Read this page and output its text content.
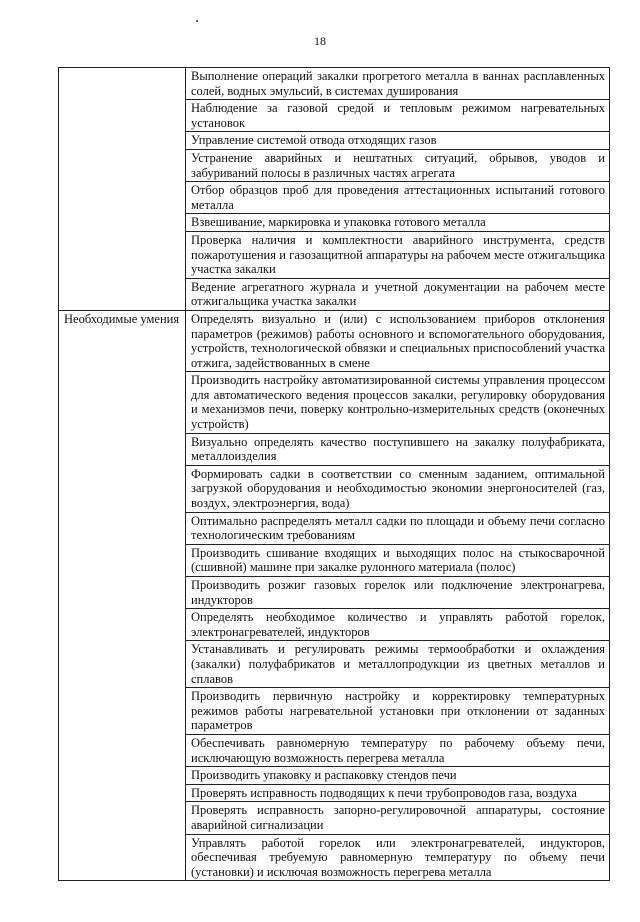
18
	Выполнение операций закалки прогретого металла в ваннах расплавленных солей, водных эмульсий, в системах душирования
	Наблюдение за газовой средой и тепловым режимом нагревательных установок
	Управление системой отвода отходящих газов
	Устранение аварийных и нештатных ситуаций, обрывов, уводов и забуриваний полосы в различных частях агрегата
	Отбор образцов проб для проведения аттестационных испытаний готового металла
	Взвешивание, маркировка и упаковка готового металла
	Проверка наличия и комплектности аварийного инструмента, средств пожаротушения и газозащитной аппаратуры на рабочем месте отжигальщика участка закалки
	Ведение агрегатного журнала и учетной документации на рабочем месте отжигальщика участка закалки
Необходимые умения	Определять визуально и (или) с использованием приборов отклонения параметров (режимов) работы основного и вспомогательного оборудования, устройств, технологической обвязки и специальных приспособлений участка отжига, задействованных в смене
	Производить настройку автоматизированной системы управления процессом для автоматического ведения процессов закалки, регулировку оборудования и механизмов печи, поверку контрольно-измерительных средств (оконечных устройств)
	Визуально определять качество поступившего на закалку полуфабриката, металлоизделия
	Формировать садки в соответствии со сменным заданием, оптимальной загрузкой оборудования и необходимостью экономии энергоносителей (газ, воздух, электроэнергия, вода)
	Оптимально распределять металл садки по площади и объему печи согласно технологическим требованиям
	Производить сшивание входящих и выходящих полос на стыкосварочной (сшивной) машине при закалке рулонного материала (полос)
	Производить розжиг газовых горелок или подключение электронагрева, индукторов
	Определять необходимое количество и управлять работой горелок, электронагревателей, индукторов
	Устанавливать и регулировать режимы термообработки и охлаждения (закалки) полуфабрикатов и металлопродукции из цветных металлов и сплавов
	Производить первичную настройку и корректировку температурных режимов работы нагревательной установки при отклонении от заданных параметров
	Обеспечивать равномерную температуру по рабочему объему печи, исключающую возможность перегрева металла
	Производить упаковку и распаковку стендов печи
	Проверять исправность подводящих к печи трубопроводов газа, воздуха
	Проверять исправность запорно-регулировочной аппаратуры, состояние аварийной сигнализации
	Управлять работой горелок или электронагревателей, индукторов, обеспечивая требуемую равномерную температуру по объему печи (установки) и исключая возможность перегрева металла
